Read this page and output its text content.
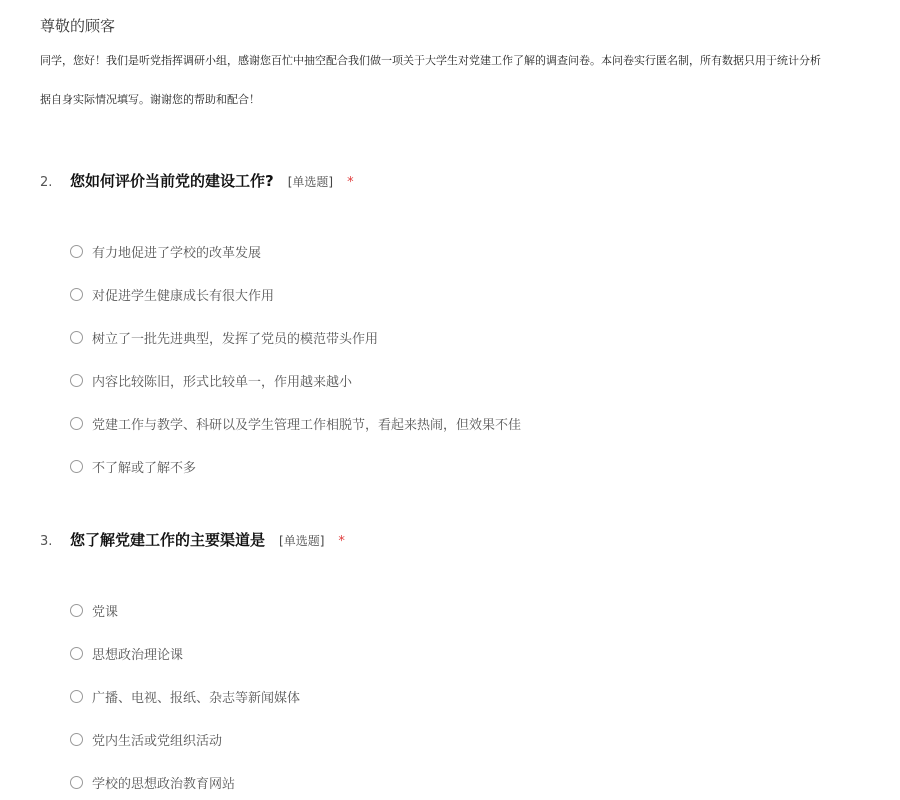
尊敬的顾客
同学，您好！我们是听党指挥调研小组，感谢您百忙中抽空配合我们做一项关于大学生对党建工作了解的调查问卷。本问卷实行匿名制，所有数据只用于统计分析
据自身实际情况填写。谢谢您的帮助和配合！
2.	您如何评价当前党的建设工作? [单选题] *
有力地促进了学校的改革发展
对促进学生健康成长有很大作用
树立了一批先进典型，发挥了党员的模范带头作用
内容比较陈旧，形式比较单一，作用越来越小
党建工作与教学、科研以及学生管理工作相脱节，看起来热闹，但效果不佳
不了解或了解不多
3.	您了解党建工作的主要渠道是 [单选题] *
党课
思想政治理论课
广播、电视、报纸、杂志等新闻媒体
党内生活或党组织活动
学校的思想政治教育网站
